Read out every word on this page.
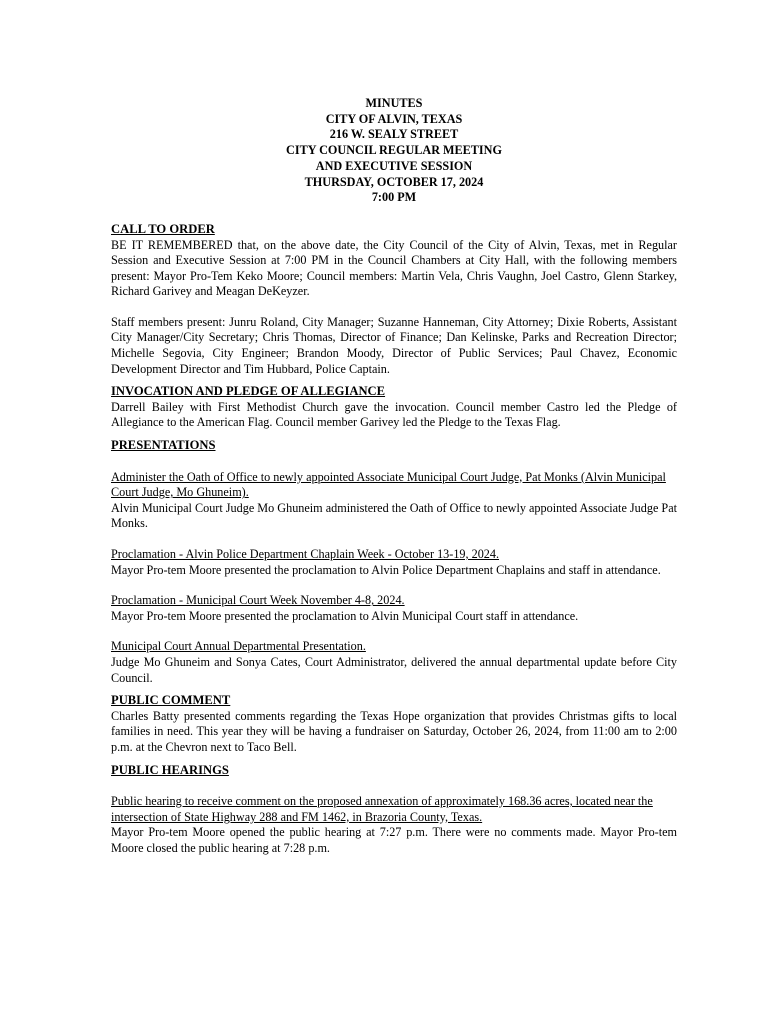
MINUTES
CITY OF ALVIN, TEXAS
216 W. SEALY STREET
CITY COUNCIL REGULAR MEETING
AND EXECUTIVE SESSION
THURSDAY, OCTOBER 17, 2024
7:00 PM
CALL TO ORDER

BE IT REMEMBERED that, on the above date, the City Council of the City of Alvin, Texas, met in Regular Session and Executive Session at 7:00 PM in the Council Chambers at City Hall, with the following members present: Mayor Pro-Tem Keko Moore; Council members: Martin Vela, Chris Vaughn, Joel Castro, Glenn Starkey, Richard Garivey and Meagan DeKeyzer.

Staff members present: Junru Roland, City Manager; Suzanne Hanneman, City Attorney; Dixie Roberts, Assistant City Manager/City Secretary; Chris Thomas, Director of Finance; Dan Kelinske, Parks and Recreation Director; Michelle Segovia, City Engineer; Brandon Moody, Director of Public Services; Paul Chavez, Economic Development Director and Tim Hubbard, Police Captain.

INVOCATION AND PLEDGE OF ALLEGIANCE

Darrell Bailey with First Methodist Church gave the invocation. Council member Castro led the Pledge of Allegiance to the American Flag. Council member Garivey led the Pledge to the Texas Flag.

PRESENTATIONS
Administer the Oath of Office to newly appointed Associate Municipal Court Judge, Pat Monks (Alvin Municipal Court Judge, Mo Ghuneim).

Alvin Municipal Court Judge Mo Ghuneim administered the Oath of Office to newly appointed Associate Judge Pat Monks.

Proclamation - Alvin Police Department Chaplain Week - October 13-19, 2024.

Mayor Pro-tem Moore presented the proclamation to Alvin Police Department Chaplains and staff in attendance.

Proclamation - Municipal Court Week November 4-8, 2024.

Mayor Pro-tem Moore presented the proclamation to Alvin Municipal Court staff in attendance.

Municipal Court Annual Departmental Presentation.

Judge Mo Ghuneim and Sonya Cates, Court Administrator, delivered the annual departmental update before City Council.

PUBLIC COMMENT

Charles Batty presented comments regarding the Texas Hope organization that provides Christmas gifts to local families in need. This year they will be having a fundraiser on Saturday, October 26, 2024, from 11:00 am to 2:00 p.m. at the Chevron next to Taco Bell.

PUBLIC HEARINGS
Public hearing to receive comment on the proposed annexation of approximately 168.36 acres, located near the intersection of State Highway 288 and FM 1462, in Brazoria County, Texas.

Mayor Pro-tem Moore opened the public hearing at 7:27 p.m. There were no comments made. Mayor Pro-tem Moore closed the public hearing at 7:28 p.m.
